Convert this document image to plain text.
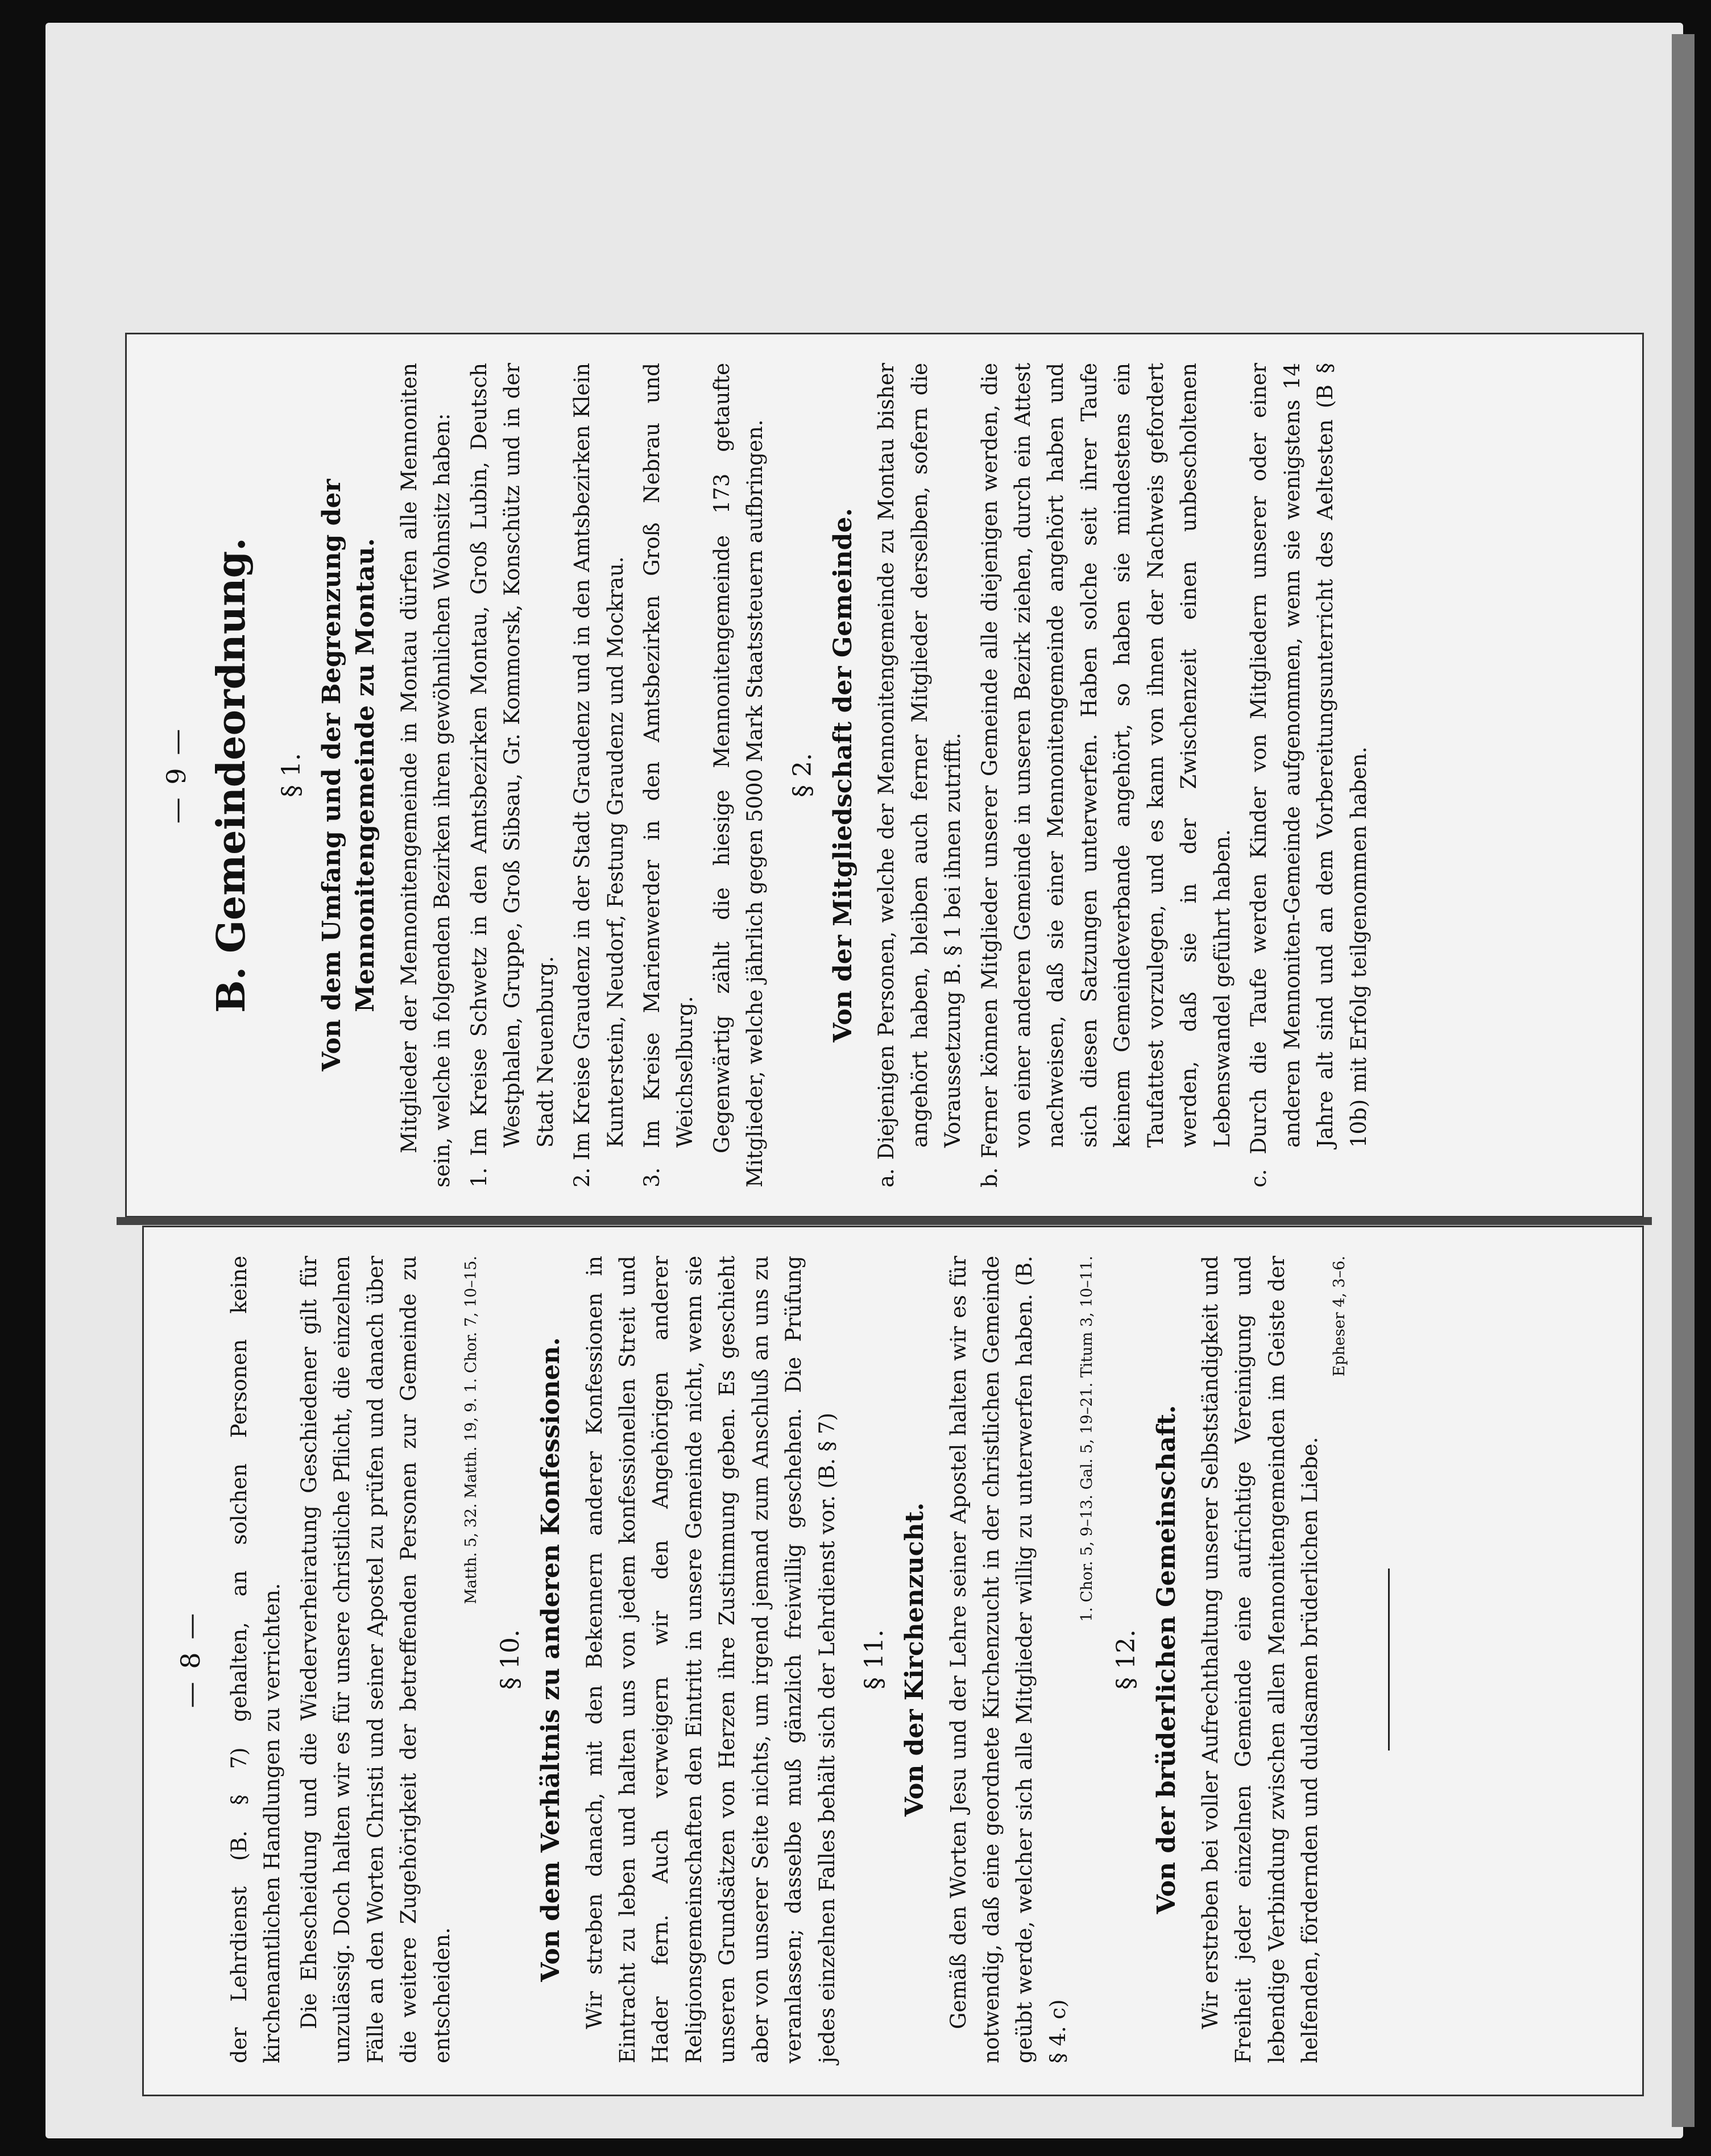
— 9 — B. Gemeindeordnung. § 1. Von dem Umfang und der Begrenzung der Mennonitengemeinde zu Montau. Mitglieder der Mennonitengemeinde in Montau dürfen alle Mennoniten sein, welche in folgenden Bezirken ihren gewöhnlichen Wohnsitz haben: 1. Im Kreise Schwetz in den Amtsbezirken Montau, Groß Lubin, Deutsch Westphalen, Gruppe, Groß Sibsau, Gr. Kommorsk, Konschütz und in der Stadt Neuenburg. 2. Im Kreise Graudenz in der Stadt Graudenz und in den Amtsbezirken Klein Kunterstein, Neudorf, Festung Graudenz und Mockrau. 3. Im Kreise Marienwerder in den Amtsbezirken Groß Nebrau und Weichselburg. Gegenwärtig zählt die hiesige Mennonitengemeinde 173 getaufte Mitglieder, welche jährlich gegen 5000 Mark Staatssteuern aufbringen. § 2. Von der Mitgliedschaft der Gemeinde. a. Diejenigen Personen, welche der Mennonitengemeinde zu Montau bisher angehört haben, bleiben auch ferner Mitglieder derselben, sofern die Voraussetzung B. § 1 bei ihnen zutrifft. b. Ferner können Mitglieder unserer Gemeinde alle diejenigen werden, die von einer anderen Gemeinde in unseren Bezirk ziehen, durch ein Attest nachweisen, daß sie einer Mennonitengemeinde angehört haben und sich diesen Satzungen unterwerfen. Haben solche seit ihrer Taufe keinem Gemeindeverbande angehört, so haben sie mindestens ein Taufattest vorzulegen, und es kann von ihnen der Nachweis gefordert werden, daß sie in der Zwischenzeit einen unbescholtenen Lebenswandel geführt haben. c. Durch die Taufe werden Kinder von Mitgliedern unserer oder einer anderen Mennoniten-Gemeinde aufgenommen, wenn sie wenigstens 14 Jahre alt sind und an dem Vorbereitungsunterricht des Aeltesten (B § 10b) mit Erfolg teilgenommen haben.

— 8 — der Lehrdienst (B. § 7) gehalten, an solchen Personen keine kirchenamtlichen Handlungen zu verrichten. Die Ehescheidung und die Wiederverheiratung Geschiedener gilt für unzulässig. Doch halten wir es für unsere christliche Pflicht, die einzelnen Fälle an den Worten Christi und seiner Apostel zu prüfen und danach über die weitere Zugehörigkeit der betreffenden Personen zur Gemeinde zu entscheiden.

Matth. 5, 32. Matth. 19, 9. 1. Chor. 7, 10–15.
§ 10. Von dem Verhältnis zu anderen Konfessionen. Wir streben danach, mit den Bekennern anderer Konfessionen in Eintracht zu leben und halten uns von jedem konfessionellen Streit und Hader fern. Auch verweigern wir den Angehörigen anderer Religionsgemeinschaften den Eintritt in unsere Gemeinde nicht, wenn sie unseren Grundsätzen von Herzen ihre Zustimmung geben. Es geschieht aber von unserer Seite nichts, um irgend jemand zum Anschluß an uns zu veranlassen; dasselbe muß gänzlich freiwillig geschehen. Die Prüfung jedes einzelnen Falles behält sich der Lehrdienst vor. (B. § 7) § 11. Von der Kirchenzucht. Gemäß den Worten Jesu und der Lehre seiner Apostel halten wir es für notwendig, daß eine geordnete Kirchenzucht in der christlichen Gemeinde geübt werde, welcher sich alle Mitglieder willig zu unterwerfen haben. (B. § 4. c)

1. Chor. 5, 9–13. Gal. 5, 19–21. Titum 3, 10–11.
§ 12. Von der brüderlichen Gemeinschaft. Wir erstreben bei voller Aufrechthaltung unserer Selbstständigkeit und Freiheit jeder einzelnen Gemeinde eine aufrichtige Vereinigung und lebendige Verbindung zwischen allen Mennonitengemeinden im Geiste der helfenden, fördernden und duldsamen brüderlichen Liebe.

Epheser 4, 3–6.
